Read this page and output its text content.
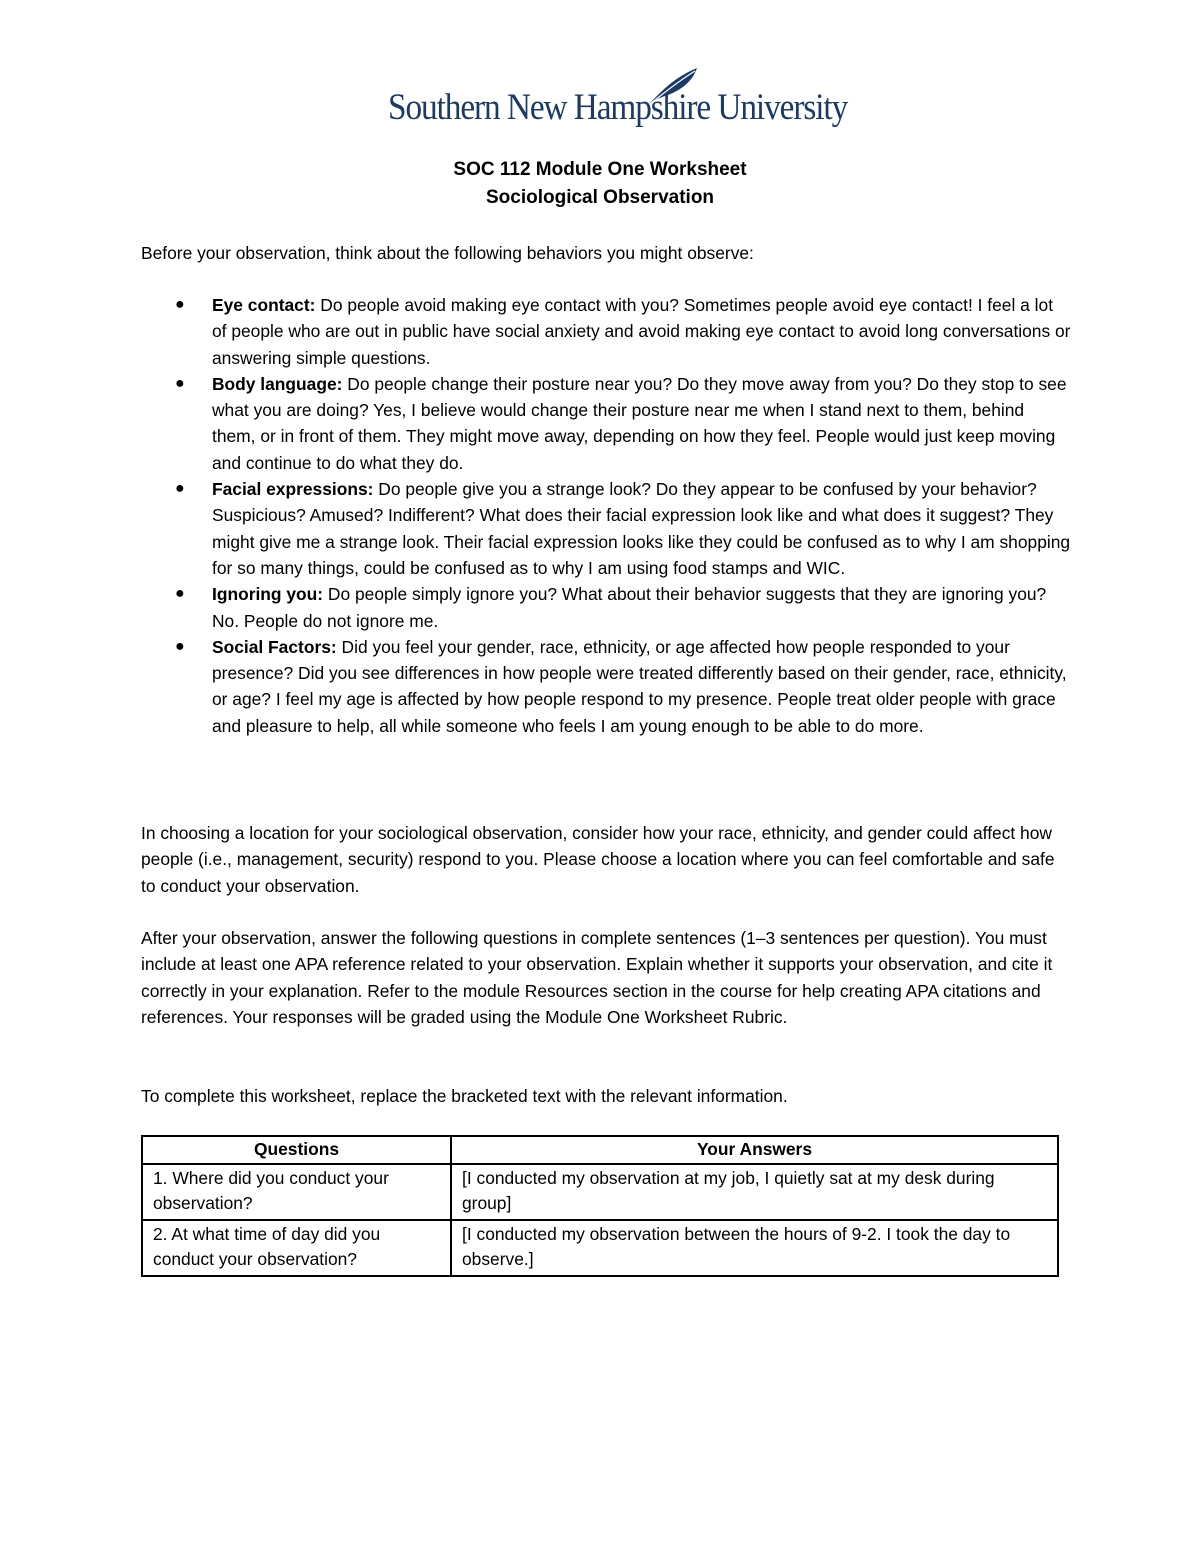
Southern New Hampshire University
SOC 112 Module One Worksheet
Sociological Observation
Before your observation, think about the following behaviors you might observe:
● Eye contact: Do people avoid making eye contact with you? Sometimes people avoid eye contact! I feel a lot of people who are out in public have social anxiety and avoid making eye contact to avoid long conversations or answering simple questions.
● Body language: Do people change their posture near you? Do they move away from you? Do they stop to see what you are doing? Yes, I believe would change their posture near me when I stand next to them, behind them, or in front of them. They might move away, depending on how they feel. People would just keep moving and continue to do what they do.
● Facial expressions: Do people give you a strange look? Do they appear to be confused by your behavior? Suspicious? Amused? Indifferent? What does their facial expression look like and what does it suggest? They might give me a strange look. Their facial expression looks like they could be confused as to why I am shopping for so many things, could be confused as to why I am using food stamps and WIC.
● Ignoring you: Do people simply ignore you? What about their behavior suggests that they are ignoring you? No. People do not ignore me.
● Social Factors: Did you feel your gender, race, ethnicity, or age affected how people responded to your presence? Did you see differences in how people were treated differently based on their gender, race, ethnicity, or age? I feel my age is affected by how people respond to my presence. People treat older people with grace and pleasure to help, all while someone who feels I am young enough to be able to do more.
In choosing a location for your sociological observation, consider how your race, ethnicity, and gender could affect how people (i.e., management, security) respond to you. Please choose a location where you can feel comfortable and safe to conduct your observation.
After your observation, answer the following questions in complete sentences (1–3 sentences per question). You must include at least one APA reference related to your observation. Explain whether it supports your observation, and cite it correctly in your explanation. Refer to the module Resources section in the course for help creating APA citations and references. Your responses will be graded using the Module One Worksheet Rubric.
To complete this worksheet, replace the bracketed text with the relevant information.
Questions	Your Answers
1. Where did you conduct your observation?	[I conducted my observation at my job, I quietly sat at my desk during group]
2. At what time of day did you conduct your observation?	[I conducted my observation between the hours of 9-2. I took the day to observe.]
